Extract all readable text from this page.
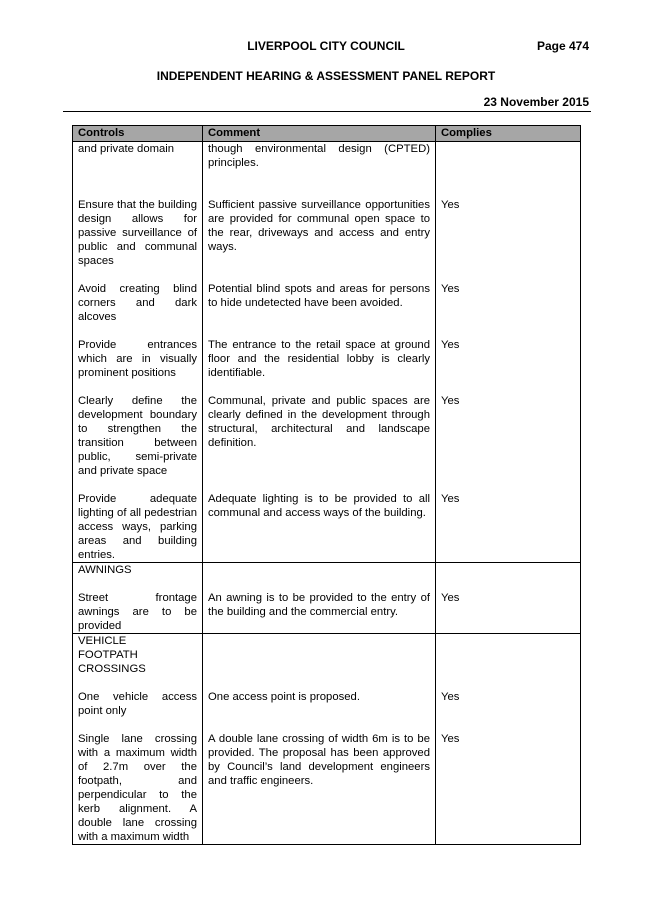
LIVERPOOL CITY COUNCIL	Page 474
INDEPENDENT HEARING & ASSESSMENT PANEL REPORT
23 November 2015
Controls	Comment	Complies
and private domain	though environmental design (CPTED) principles.	
Ensure that the building design allows for passive surveillance of public and communal spaces	Sufficient passive surveillance opportunities are provided for communal open space to the rear, driveways and access and entry ways.	Yes
Avoid creating blind corners and dark alcoves	Potential blind spots and areas for persons to hide undetected have been avoided.	Yes
Provide entrances which are in visually prominent positions	The entrance to the retail space at ground floor and the residential lobby is clearly identifiable.	Yes
Clearly define the development boundary to strengthen the transition between public, semi-private and private space	Communal, private and public spaces are clearly defined in the development through structural, architectural and landscape definition.	Yes
Provide adequate lighting of all pedestrian access ways, parking areas and building entries.	Adequate lighting is to be provided to all communal and access ways of the building.	Yes
AWNINGS		
Street frontage awnings are to be provided	An awning is to be provided to the entry of the building and the commercial entry.	Yes

VEHICLE FOOTPATH CROSSINGS		

One vehicle access point only	One access point is proposed.	Yes
Single lane crossing with a maximum width of 2.7m over the footpath, and perpendicular to the kerb alignment. A double lane crossing with a maximum width	A double lane crossing of width 6m is to be provided. The proposal has been approved by Council’s land development engineers and traffic engineers.	Yes
